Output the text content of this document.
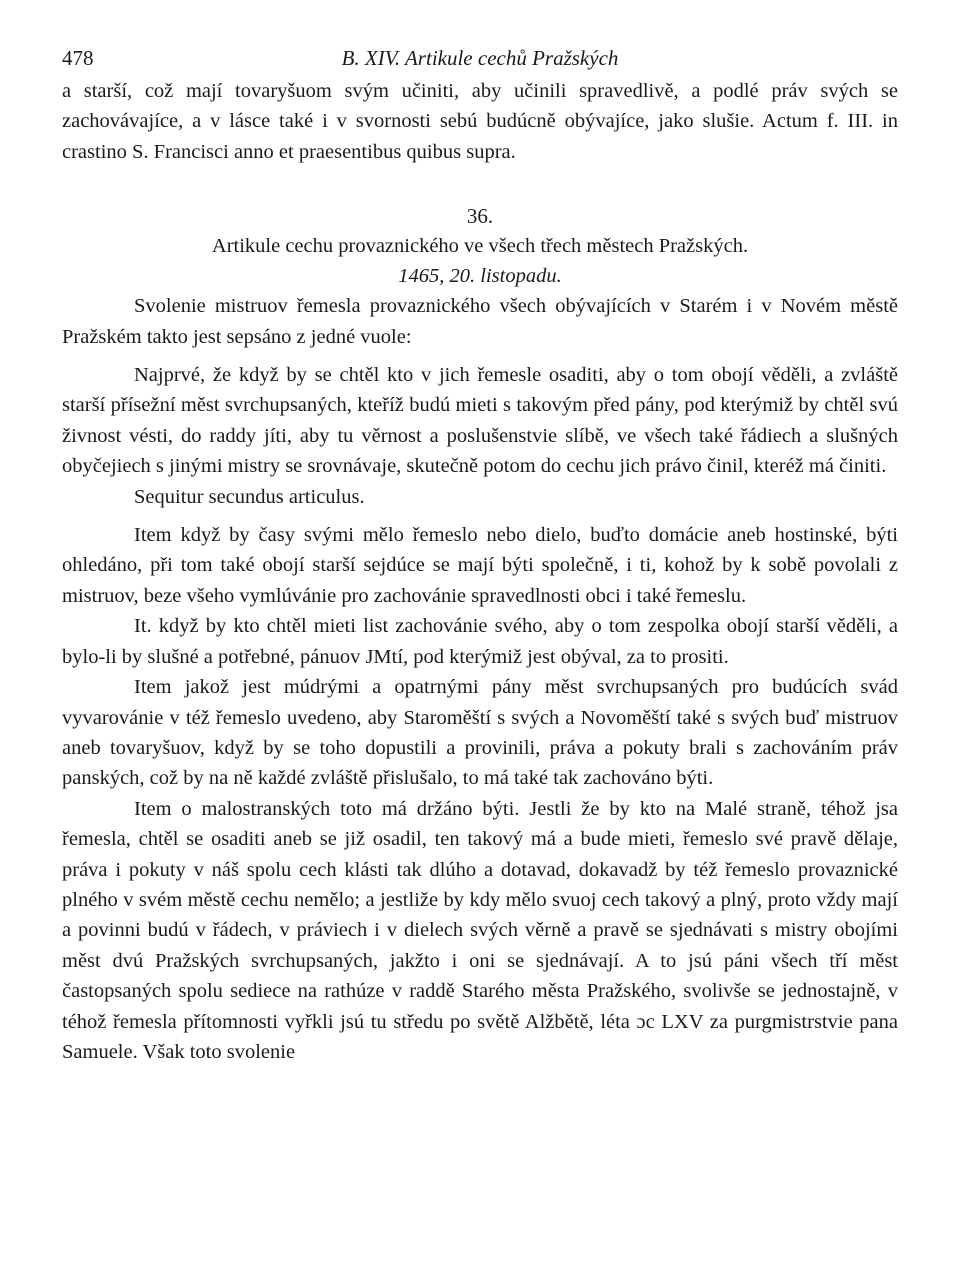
478	B. XIV. Artikule cechů Pražských

a starší, což mají tovaryšuom svým učiniti, aby učinili spravedlivě, a podlé práv svých se zachovávajíce, a v lásce také i v svornosti sebú budúcně obývajíce, jako slušie. Actum f. III. in crastino S. Francisci anno et praesentibus quibus supra.

36.
Artikule cechu provaznického ve všech třech městech Pražských.
1465, 20. listopadu.

Svolenie mistruov řemesla provaznického všech obývajících v Starém i v Novém městě Pražském takto jest sepsáno z jedné vuole:

Najprvé, že když by se chtěl kto v jich řemesle osaditi, aby o tom obojí věděli, a zvláště starší přísežní měst svrchupsaných, kteříž budú mieti s takovým před pány, pod kterýmiž by chtěl svú živnost vésti, do raddy jíti, aby tu věrnost a poslušenstvie slíbě, ve všech také řádiech a slušných obyčejiech s jinými mistry se srovnávaje, skutečně potom do cechu jich právo činil, kteréž má činiti.

Sequitur secundus articulus.

Item když by časy svými mělo řemeslo nebo dielo, buďto domácie aneb hostinské, býti ohledáno, při tom také obojí starší sejdúce se mají býti společně, i ti, kohož by k sobě povolali z mistruov, beze všeho vymlúvánie pro zachovánie spravedlnosti obci i také řemeslu.

It. když by kto chtěl mieti list zachovánie svého, aby o tom zespolka obojí starší věděli, a bylo-li by slušné a potřebné, pánuov JMtí, pod kterýmiž jest obýval, za to prositi.

Item jakož jest múdrými a opatrnými pány měst svrchupsaných pro budúcích svád vyvarovánie v též řemeslo uvedeno, aby Staroměští s svých a Novoměští také s svých buď mistruov aneb tovaryšuov, když by se toho dopustili a provinili, práva a pokuty brali s zachováním práv panských, což by na ně každé zvláště přislušalo, to má také tak zachováno býti.

Item o malostranských toto má držáno býti. Jestli že by kto na Malé straně, téhož jsa řemesla, chtěl se osaditi aneb se již osadil, ten takový má a bude mieti, řemeslo své pravě dělaje, práva i pokuty v náš spolu cech klásti tak dlúho a dotavad, dokavadž by též řemeslo provaznické plného v svém městě cechu nemělo; a jestliže by kdy mělo svuoj cech takový a plný, proto vždy mají a povinni budú v řádech, v práviech i v dielech svých věrně a pravě se sjednávati s mistry obojími měst dvú Pražských svrchupsaných, jakžto i oni se sjednávají. A to jsú páni všech tří měst častopsaných spolu sediece na rathúze v raddě Starého města Pražského, svolivše se jednostajně, v téhož řemesla přítomnosti vyřkli jsú tu středu po světě Alžbětě, léta ɔc LXV za purgmistrstvie pana Samuele. Však toto svolenie
